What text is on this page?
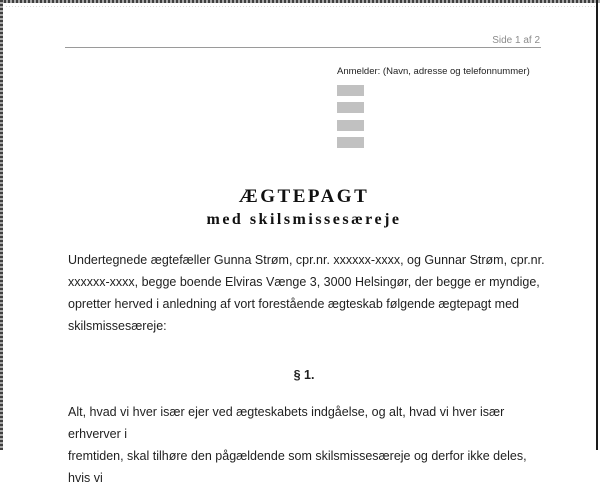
Side 1 af 2
Anmelder: (Navn, adresse og telefonnummer)
ÆGTEPAGT
med skilsmissesæreje
Undertegnede ægtefæller Gunna Strøm, cpr.nr. xxxxxx-xxxx, og Gunnar Strøm, cpr.nr.
xxxxxx-xxxx, begge boende Elviras Vænge 3, 3000 Helsingør, der begge er myndige,
opretter herved i anledning af vort forestående ægteskab følgende ægtepagt med
skilsmissesæreje:
§ 1.
Alt, hvad vi hver især ejer ved ægteskabets indgåelse, og alt, hvad vi hver især erhverver i
fremtiden, skal tilhøre den pågældende som skilsmissesæreje og derfor ikke deles, hvis vi
